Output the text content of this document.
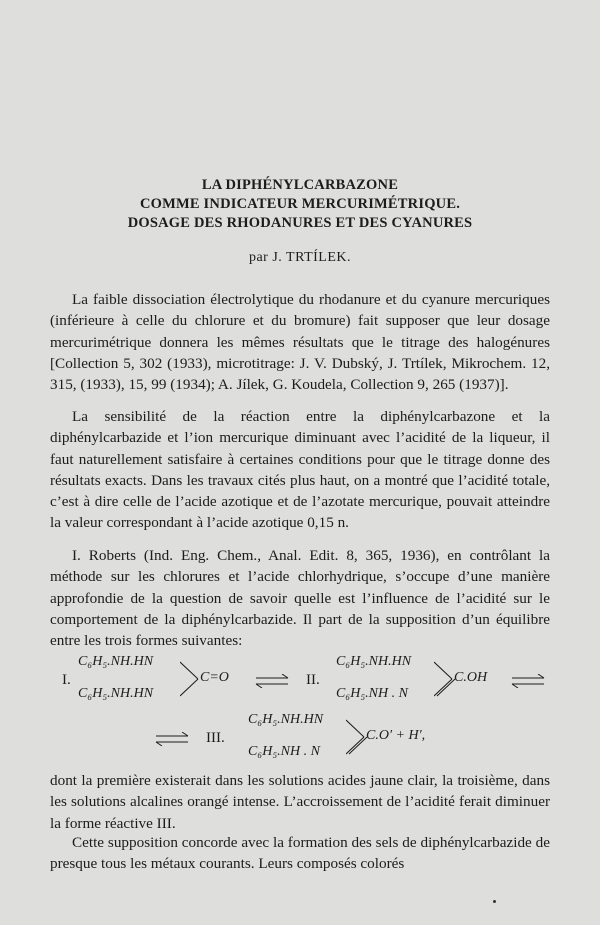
LA DIPHÉNYLCARBAZONE
COMME INDICATEUR MERCURIMÉTRIQUE.
DOSAGE DES RHODANURES ET DES CYANURES
par J. TRTÍLEK.

La faible dissociation électrolytique du rhodanure et du cyanure mercuriques (inférieure à celle du chlorure et du bromure) fait supposer que leur dosage mercurimétrique donnera les mêmes résultats que le titrage des halogénures [Collection 5, 302 (1933), microtitrage: J. V. Dubský, J. Trtílek, Mikrochem. 12, 315, (1933), 15, 99 (1934); A. Jílek, G. Koudela, Collection 9, 265 (1937)].

La sensibilité de la réaction entre la diphénylcarbazone et la diphénylcarbazide et l’ion mercurique diminuant avec l’acidité de la liqueur, il faut naturellement satisfaire à certaines conditions pour que le titrage donne des résultats exacts. Dans les travaux cités plus haut, on a montré que l’acidité totale, c’est à dire celle de l’acide azotique et de l’azotate mercurique, pouvait atteindre la valeur correspondant à l’acide azotique 0,15 n.

I. Roberts (Ind. Eng. Chem., Anal. Edit. 8, 365, 1936), en contrôlant la méthode sur les chlorures et l’acide chlorhydrique, s’occupe d’une manière approfondie de la question de savoir quelle est l’influence de l’acidité sur le comportement de la diphénylcarbazide. Il part de la supposition d’un équilibre entre les trois formes suivantes:

I.
C₆H₅.NH.HN
C₆H₅.NH.HN
C=O ⇌ II.
C₆H₅.NH.HN
C₆H₅.NH . N
C.OH
⇌ III.
C₆H₅.NH.HN
C₆H₅.NH . N
C.O′ + H′,

dont la première existerait dans les solutions acides jaune clair, la troisième, dans les solutions alcalines orangé intense. L’accroissement de l’acidité ferait diminuer la forme réactive III.

Cette supposition concorde avec la formation des sels de diphénylcarbazide de presque tous les métaux courants. Leurs composés colorés
